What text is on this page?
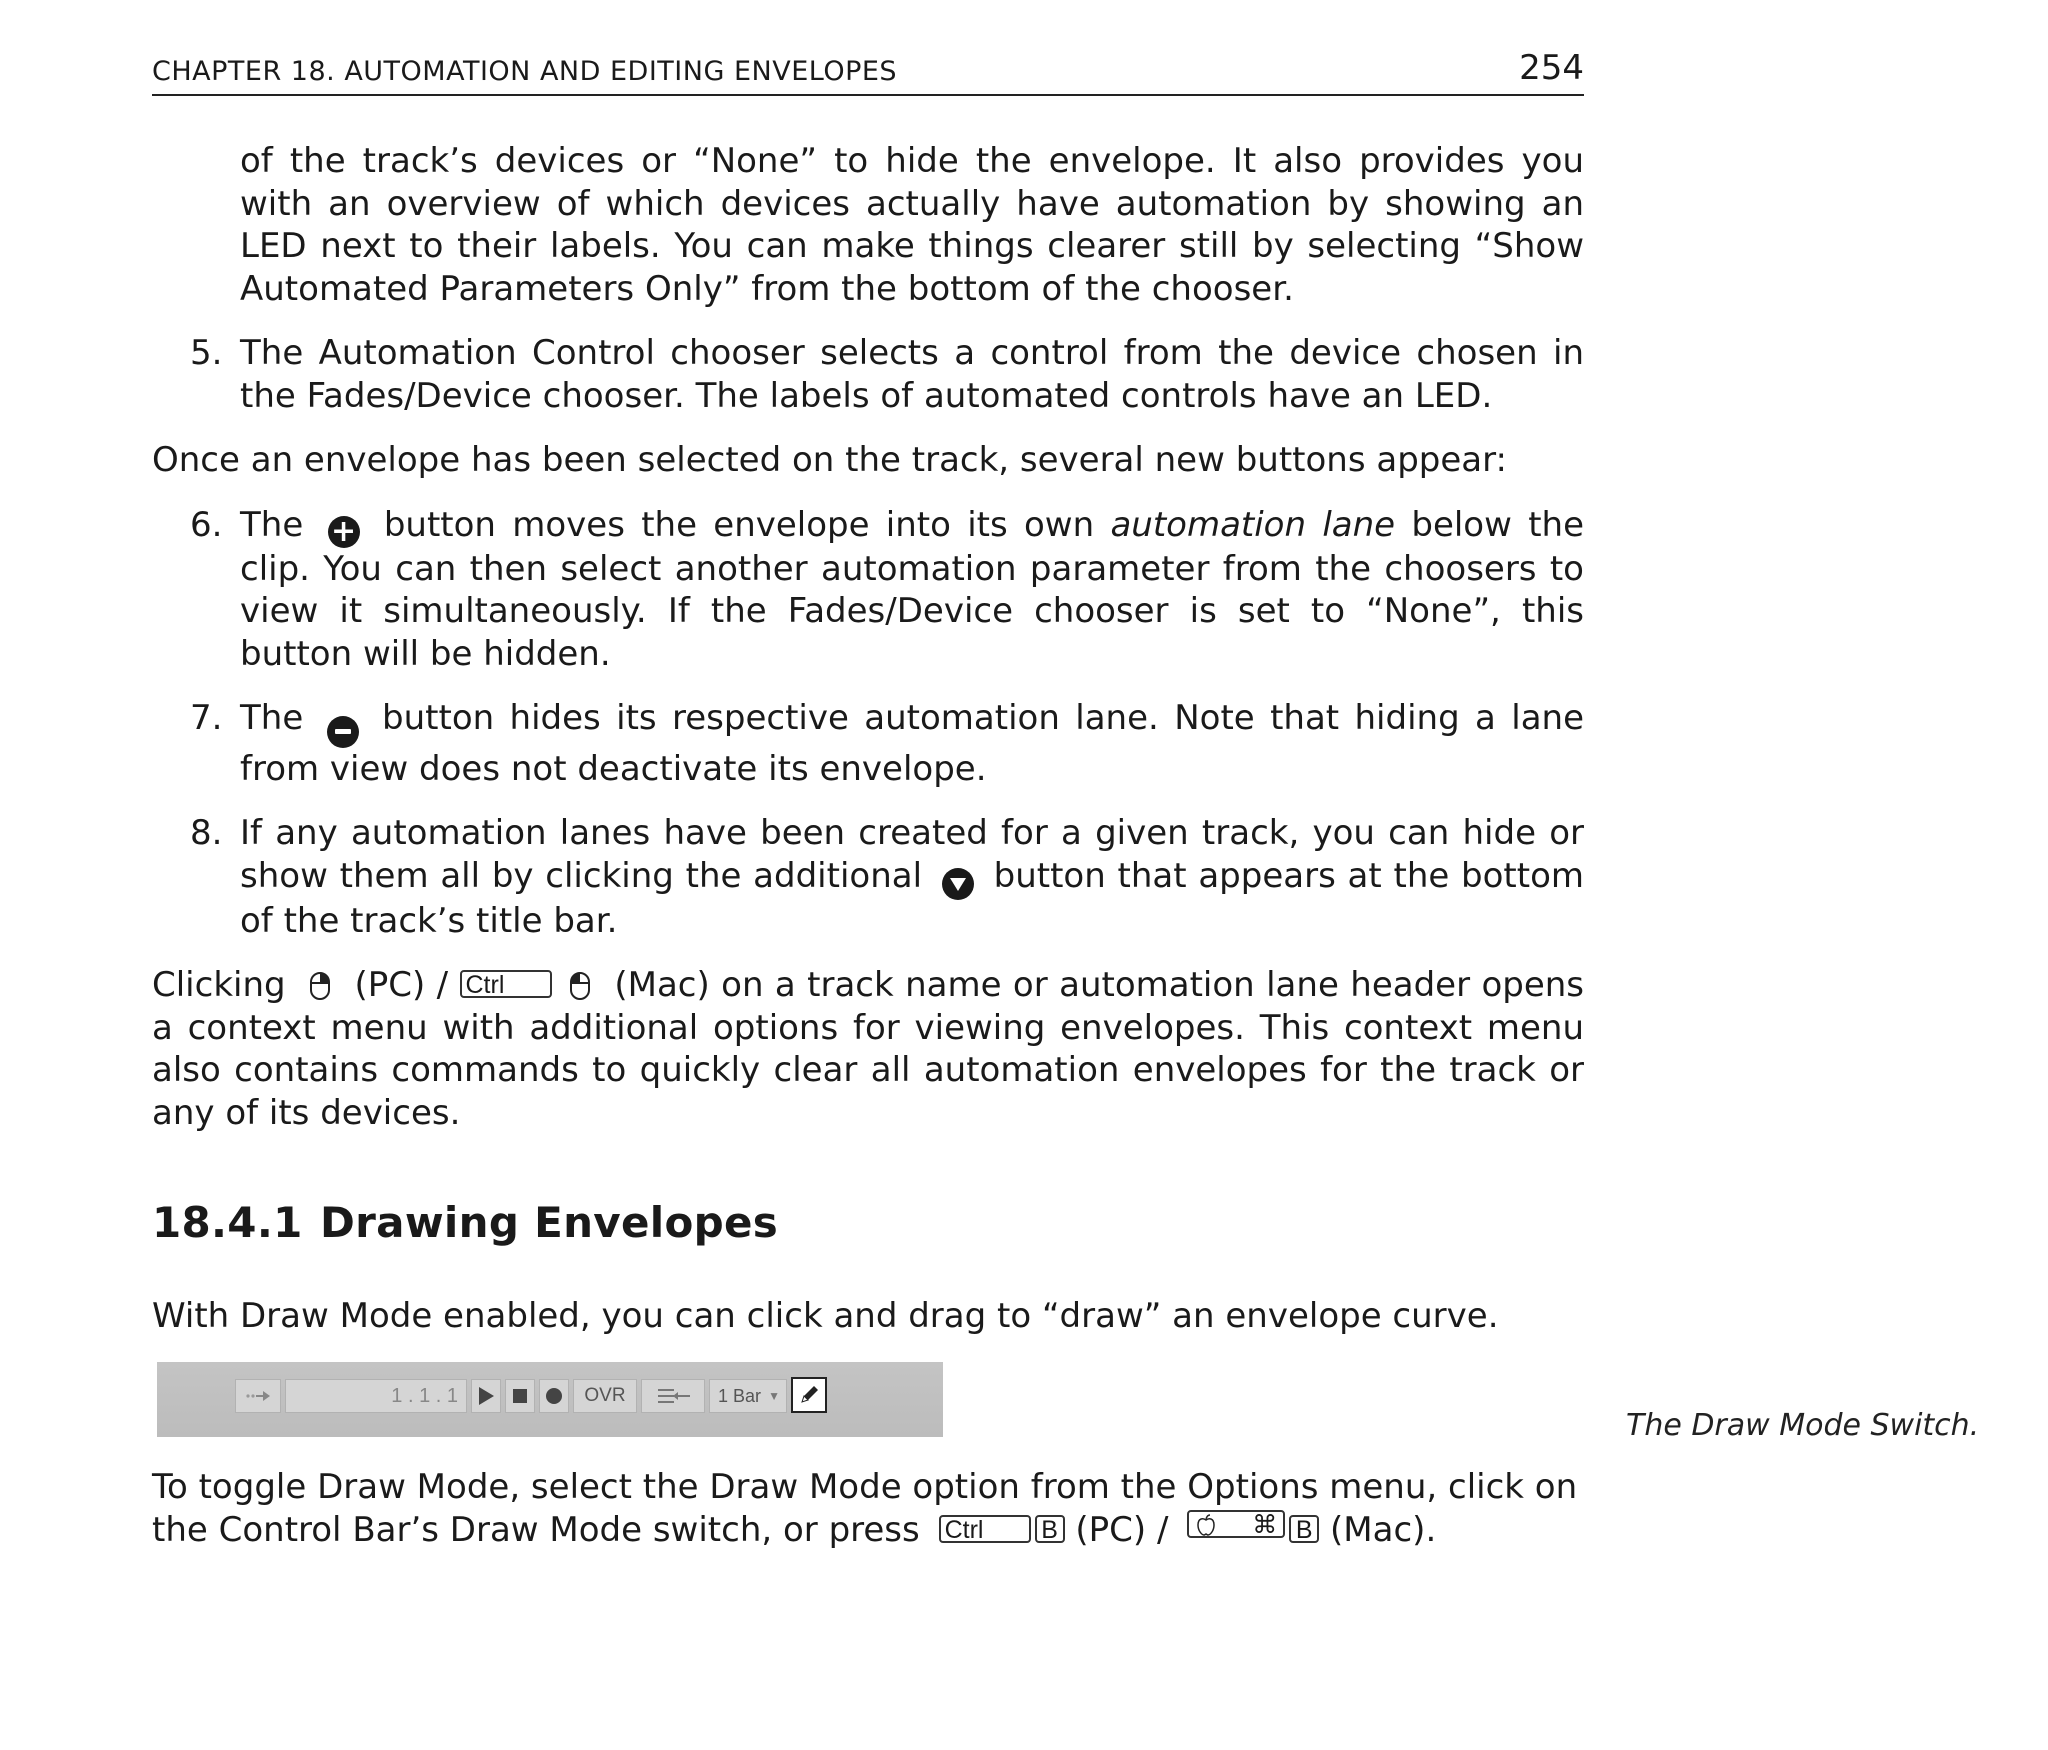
CHAPTER 18. AUTOMATION AND EDITING ENVELOPES	254
of the track’s devices or “None” to hide the envelope. It also provides you with an overview of which devices actually have automation by showing an LED next to their labels. You can make things clearer still by selecting “Show Automated Parameters Only” from the bottom of the chooser.
5. The Automation Control chooser selects a control from the device chosen in the Fades/Device chooser. The labels of automated controls have an LED.

Once an envelope has been selected on the track, several new buttons appear:

6. The + button moves the envelope into its own automation lane below the clip. You can then select another automation parameter from the choosers to view it simultaneously. If the Fades/Device chooser is set to “None”, this button will be hidden.
7. The button hides its respective automation lane. Note that hiding a lane from view does not deactivate its envelope.
8. If any automation lanes have been created for a given track, you can hide or show them all by clicking the additional button that appears at the bottom of the track’s title bar.

Clicking (PC) / Ctrl	(Mac) on a track name or automation lane header opens a context menu with additional options for viewing envelopes. This context menu also contains commands to quickly clear all automation envelopes for the track or any of its devices.

18.4.1 Drawing Envelopes
With Draw Mode enabled, you can click and drag to “draw” an envelope curve.
1 . 1 . 1	OVR	1 Bar ▼
The Draw Mode Switch.
To toggle Draw Mode, select the Draw Mode option from the Options menu, click on the Control Bar’s Draw Mode switch, or press Ctrl B (PC) /	⌘ B (Mac).
